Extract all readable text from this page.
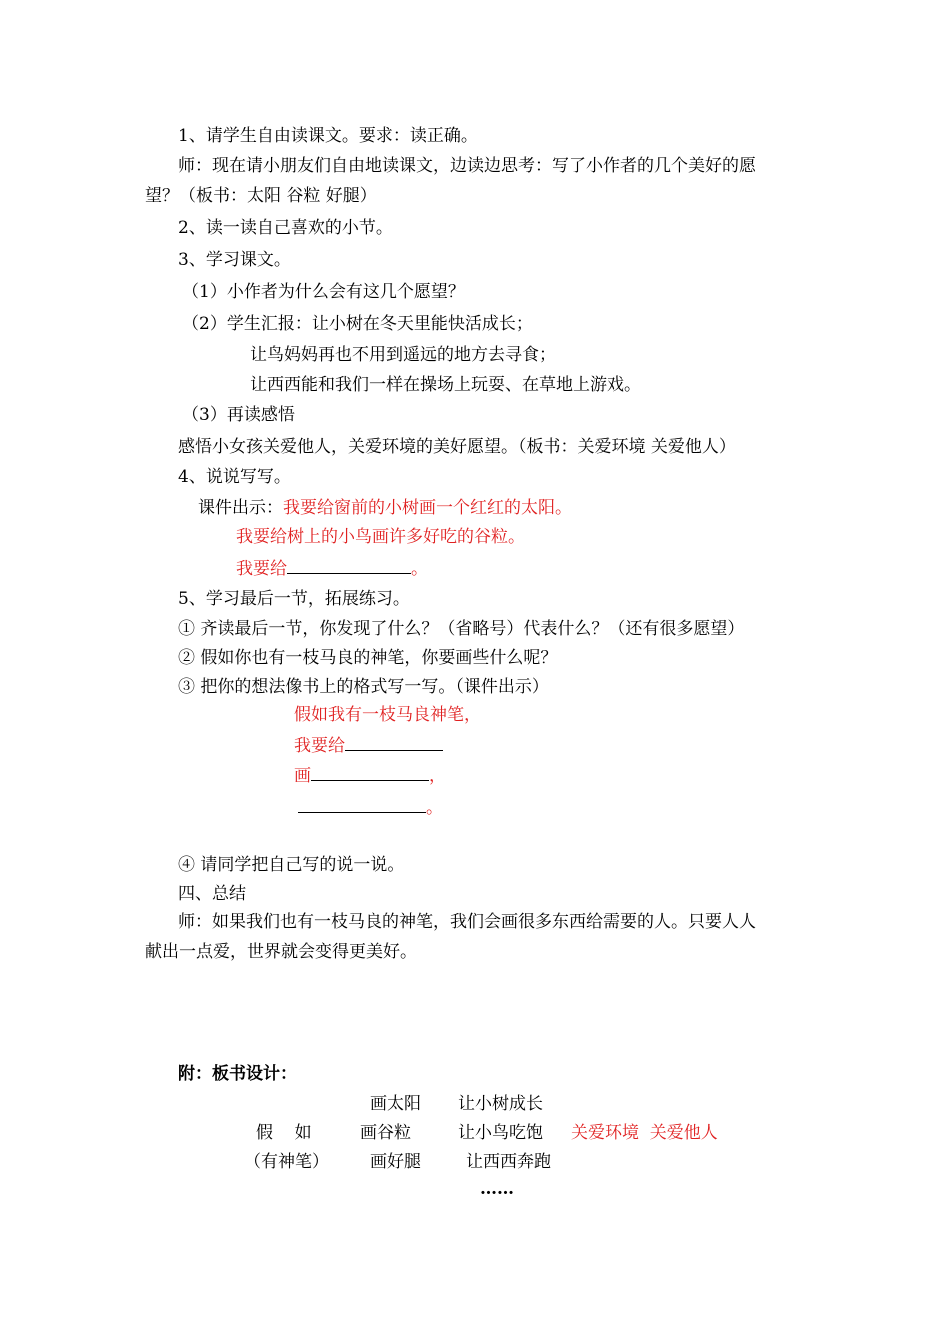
1、请学生自由读课文。要求：读正确。
师：现在请小朋友们自由地读课文，边读边思考：写了小作者的几个美好的愿
望？（板书：太阳 谷粒 好腿）
2、读一读自己喜欢的小节。
3、学习课文。
（1）小作者为什么会有这几个愿望？
（2）学生汇报：让小树在冬天里能快活成长；
让鸟妈妈再也不用到遥远的地方去寻食；
让西西能和我们一样在操场上玩耍、在草地上游戏。
（3）再读感悟
感悟小女孩关爱他人，关爱环境的美好愿望。（板书：关爱环境 关爱他人）
4、说说写写。
课件出示：我要给窗前的小树画一个红红的太阳。
我要给树上的小鸟画许多好吃的谷粒。
我要给	。
5、学习最后一节，拓展练习。
① 齐读最后一节，你发现了什么？（省略号）代表什么？（还有很多愿望）
② 假如你也有一枝马良的神笔，你要画些什么呢？
③ 把你的想法像书上的格式写一写。（课件出示）
假如我有一枝马良神笔，
我要给
画	，
。
④ 请同学把自己写的说一说。
四、总结
师：如果我们也有一枝马良的神笔，我们会画很多东西给需要的人。只要人人
献出一点爱，世界就会变得更美好。
附：板书设计：
画太阳 让小树成长
假    如	画谷粒	让小鸟吃饱 关爱环境  关爱他人
（有神笔） 画好腿	让西西奔跑
……
